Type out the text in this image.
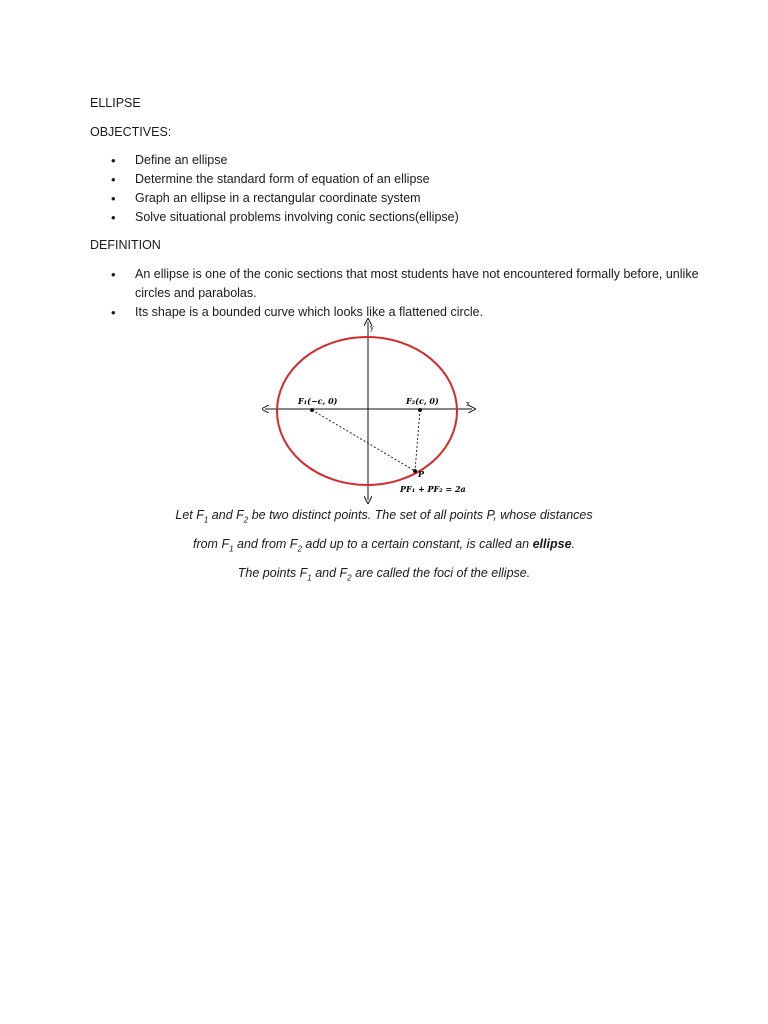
ELLIPSE

OBJECTIVES:

• Define an ellipse
• Determine the standard form of equation of an ellipse
• Graph an ellipse in a rectangular coordinate system
• Solve situational problems involving conic sections(ellipse)

DEFINITION

• An ellipse is one of the conic sections that most students have not encountered formally before, unlike circles and parabolas.
• Its shape is a bounded curve which looks like a flattened circle.
y
x
F₁(−c, 0)	F₂(c, 0)
P
PF₁ + PF₂ = 2a

Let $F_1$ and $F_2$ be two distinct points. The set of all points P, whose distances

from $F_1$ and from $F_2$ add up to a certain constant, is called an ellipse.

The points $F_1$ and $F_2$ are called the foci of the ellipse.
